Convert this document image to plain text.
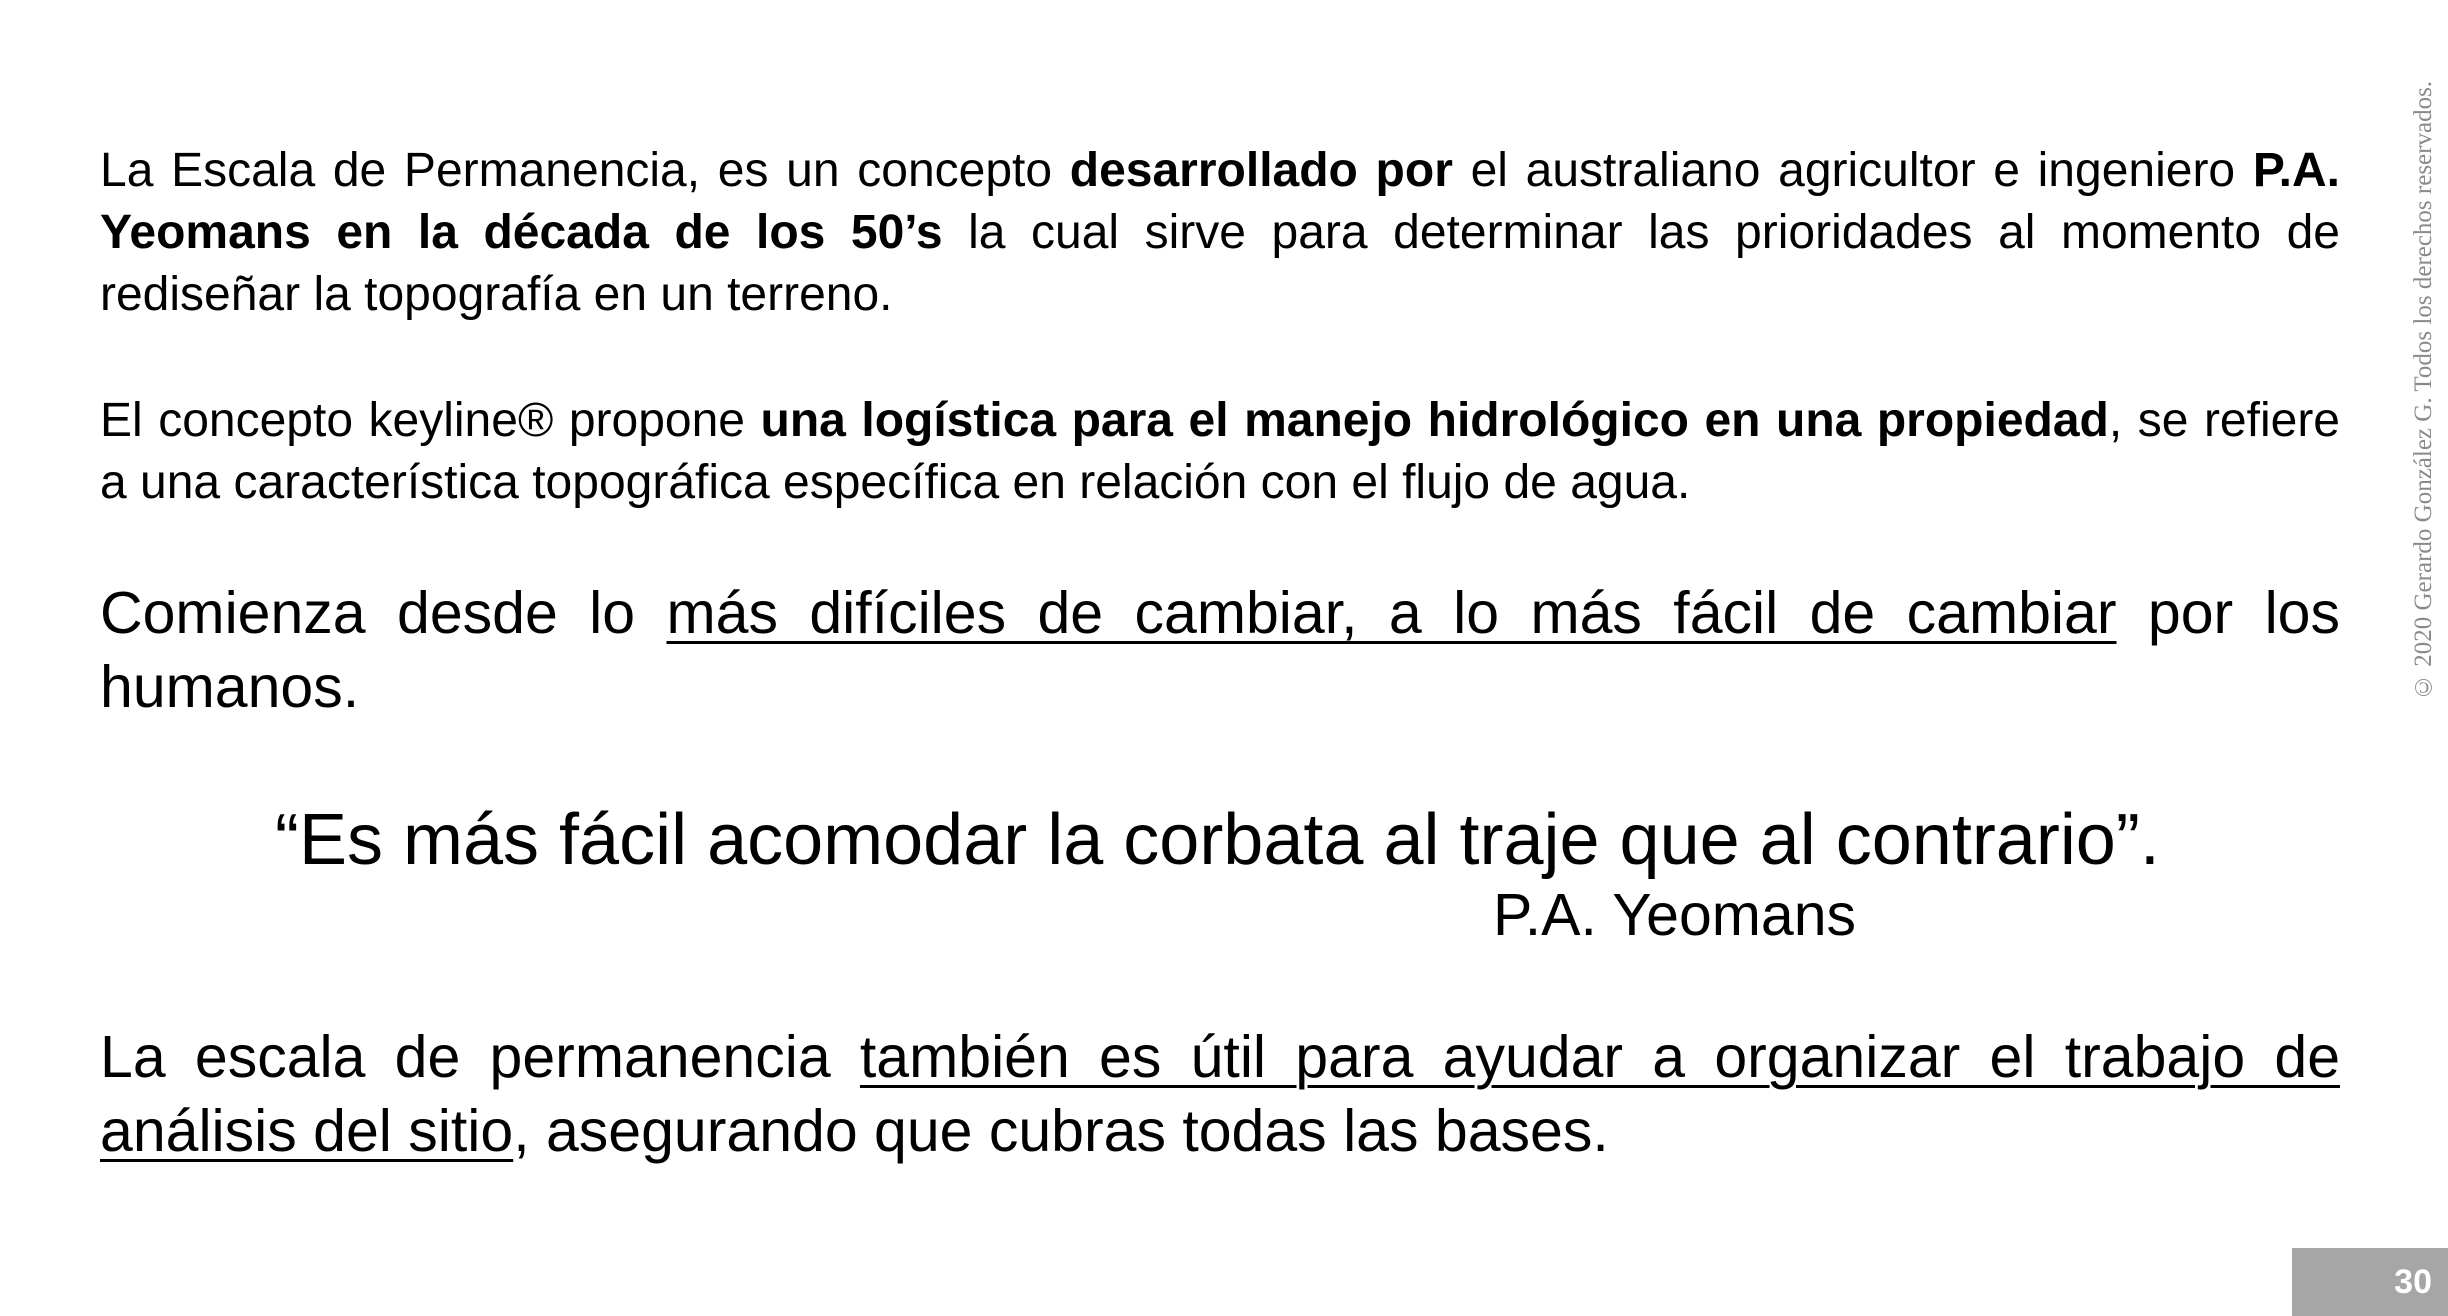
La Escala de Permanencia, es un concepto desarrollado por el australiano agricultor e ingeniero P.A. Yeomans en la década de los 50’s la cual sirve para determinar las prioridades al momento de rediseñar la topografía en un terreno.

El concepto keyline® propone una logística para el manejo hidrológico en una propiedad, se refiere a una característica topográfica específica en relación con el flujo de agua.

Comienza desde lo más difíciles de cambiar, a lo más fácil de cambiar por los humanos.

“Es más fácil acomodar la corbata al traje que al contrario”.
P.A. Yeomans

La escala de permanencia también es útil para ayudar a organizar el trabajo de análisis del sitio, asegurando que cubras todas las bases.

© 2020 Gerardo González G. Todos los derechos reservados.
30
